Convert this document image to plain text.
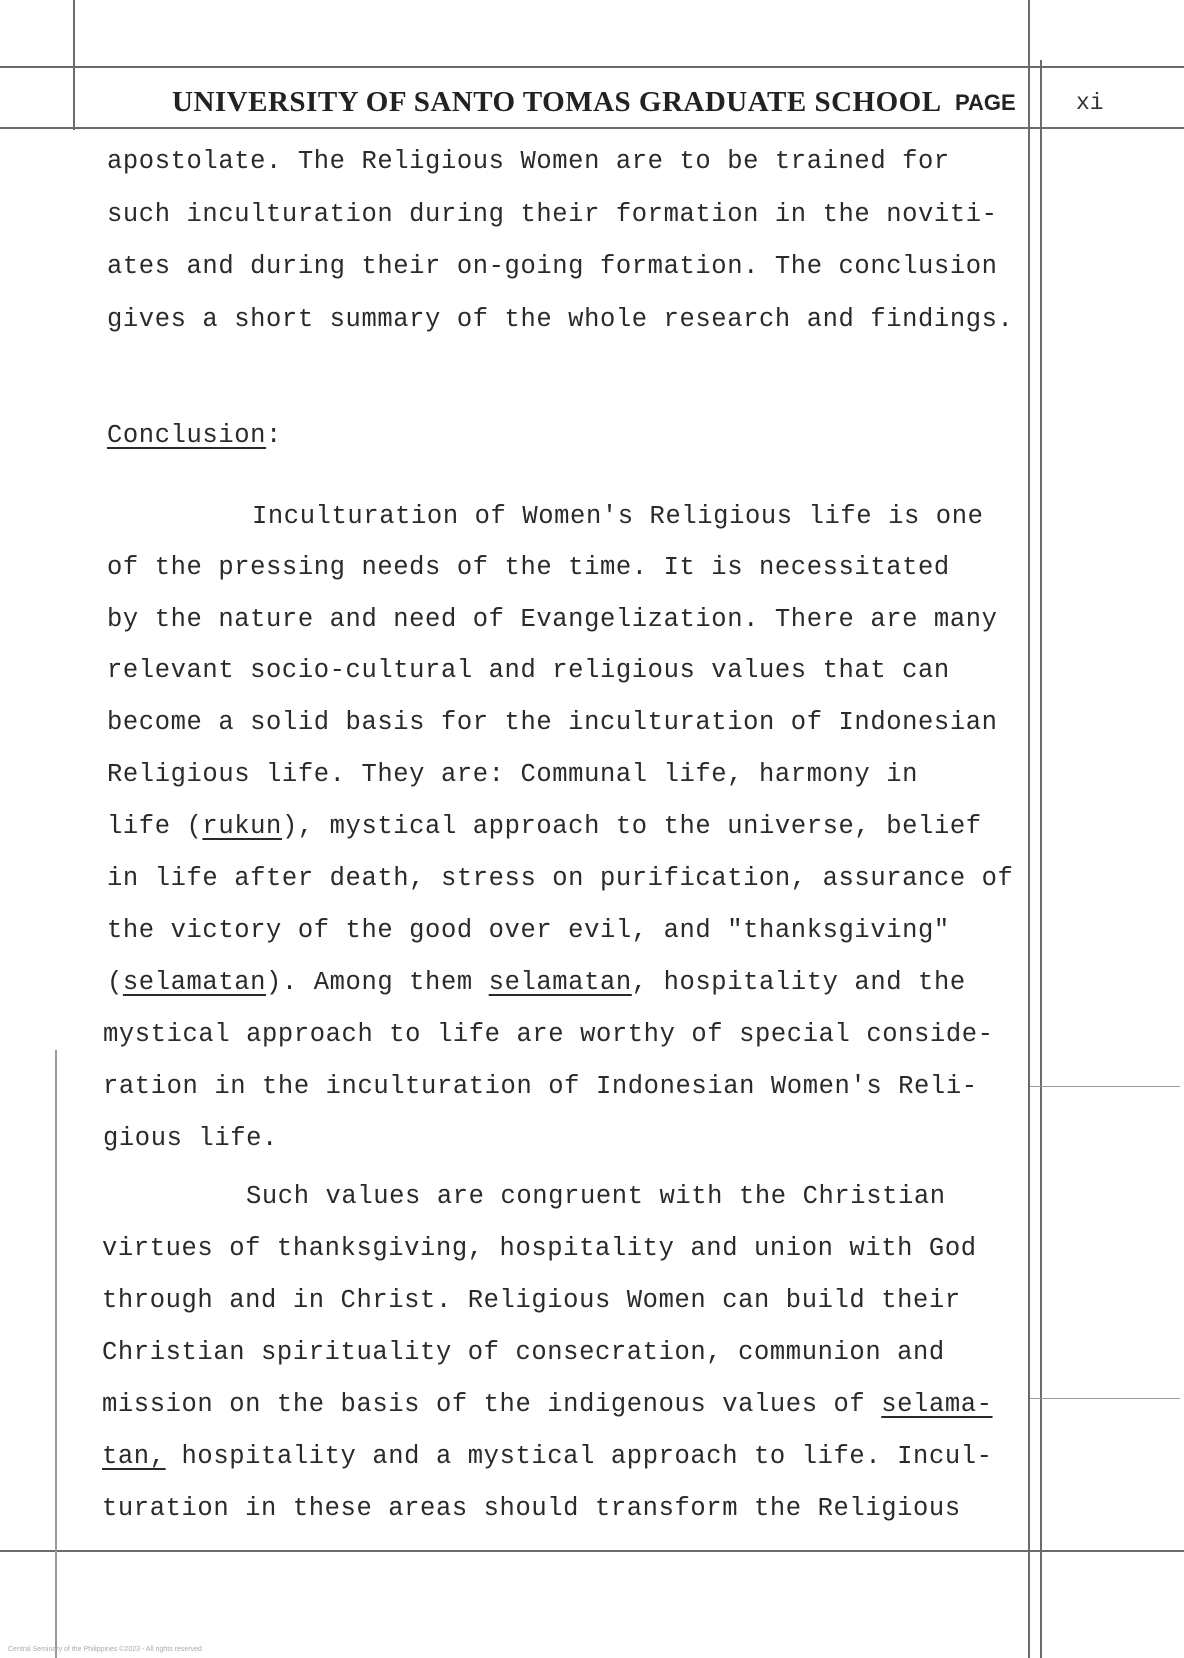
UNIVERSITY OF SANTO TOMAS GRADUATE SCHOOL PAGE	xi
apostolate. The Religious Women are to be trained for
such inculturation during their formation in the noviti-
ates and during their on-going formation. The conclusion
gives a short summary of the whole research and findings.
Conclusion:
Inculturation of Women's Religious life is one
of the pressing needs of the time. It is necessitated
by the nature and need of Evangelization. There are many
relevant socio-cultural and religious values that can
become a solid basis for the inculturation of Indonesian
Religious life. They are: Communal life, harmony in
life (rukun), mystical approach to the universe, belief
in life after death, stress on purification, assurance of
the victory of the good over evil, and "thanksgiving"
(selamatan). Among them selamatan, hospitality and the
mystical approach to life are worthy of special conside-
ration in the inculturation of Indonesian Women's Reli-
gious life.
Such values are congruent with the Christian
virtues of thanksgiving, hospitality and union with God
through and in Christ. Religious Women can build their
Christian spirituality of consecration, communion and
mission on the basis of the indigenous values of selama-
tan, hospitality and a mystical approach to life. Incul-
turation in these areas should transform the Religious
Central Seminary of the Philippines ©2023 - All rights reserved
